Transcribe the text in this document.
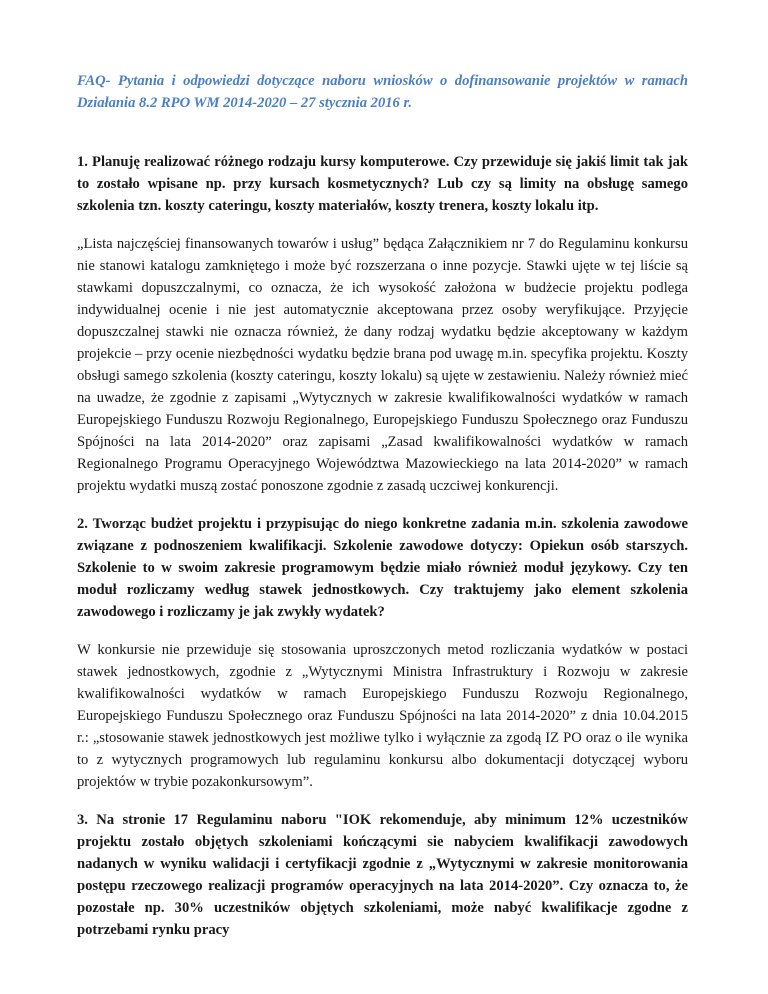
FAQ- Pytania i odpowiedzi dotyczące naboru wniosków o dofinansowanie projektów w ramach Działania 8.2 RPO WM 2014-2020 – 27 stycznia 2016 r.

1. Planuję realizować różnego rodzaju kursy komputerowe. Czy przewiduje się jakiś limit tak jak to zostało wpisane np. przy kursach kosmetycznych? Lub czy są limity na obsługę samego szkolenia tzn. koszty cateringu, koszty materiałów, koszty trenera, koszty lokalu itp.

„Lista najczęściej finansowanych towarów i usług” będąca Załącznikiem nr 7 do Regulaminu konkursu nie stanowi katalogu zamkniętego i może być rozszerzana o inne pozycje. Stawki ujęte w tej liście są stawkami dopuszczalnymi, co oznacza, że ich wysokość założona w budżecie projektu podlega indywidualnej ocenie i nie jest automatycznie akceptowana przez osoby weryfikujące. Przyjęcie dopuszczalnej stawki nie oznacza również, że dany rodzaj wydatku będzie akceptowany w każdym projekcie – przy ocenie niezbędności wydatku będzie brana pod uwagę m.in. specyfika projektu. Koszty obsługi samego szkolenia (koszty cateringu, koszty lokalu) są ujęte w zestawieniu. Należy również mieć na uwadze, że zgodnie z zapisami „Wytycznych w zakresie kwalifikowalności wydatków w ramach Europejskiego Funduszu Rozwoju Regionalnego, Europejskiego Funduszu Społecznego oraz Funduszu Spójności na lata 2014-2020” oraz zapisami „Zasad kwalifikowalności wydatków w ramach Regionalnego Programu Operacyjnego Województwa Mazowieckiego na lata 2014-2020” w ramach projektu wydatki muszą zostać ponoszone zgodnie z zasadą uczciwej konkurencji.

2. Tworząc budżet projektu i przypisując do niego konkretne zadania m.in. szkolenia zawodowe związane z podnoszeniem kwalifikacji. Szkolenie zawodowe dotyczy: Opiekun osób starszych. Szkolenie to w swoim zakresie programowym będzie miało również moduł językowy. Czy ten moduł rozliczamy według stawek jednostkowych. Czy traktujemy jako element szkolenia zawodowego i rozliczamy je jak zwykły wydatek?

W konkursie nie przewiduje się stosowania uproszczonych metod rozliczania wydatków w postaci stawek jednostkowych, zgodnie z „Wytycznymi Ministra Infrastruktury i Rozwoju w zakresie kwalifikowalności wydatków w ramach Europejskiego Funduszu Rozwoju Regionalnego, Europejskiego Funduszu Społecznego oraz Funduszu Spójności na lata 2014-2020” z dnia 10.04.2015 r.: „stosowanie stawek jednostkowych jest możliwe tylko i wyłącznie za zgodą IZ PO oraz o ile wynika to z wytycznych programowych lub regulaminu konkursu albo dokumentacji dotyczącej wyboru projektów w trybie pozakonkursowym”.

3. Na stronie 17 Regulaminu naboru "IOK rekomenduje, aby minimum 12% uczestników projektu zostało objętych szkoleniami kończącymi sie nabyciem kwalifikacji zawodowych nadanych w wyniku walidacji i certyfikacji zgodnie z „Wytycznymi w zakresie monitorowania postępu rzeczowego realizacji programów operacyjnych na lata 2014-2020”. Czy oznacza to, że pozostałe np. 30% uczestników objętych szkoleniami, może nabyć kwalifikacje zgodne z potrzebami rynku pracy
